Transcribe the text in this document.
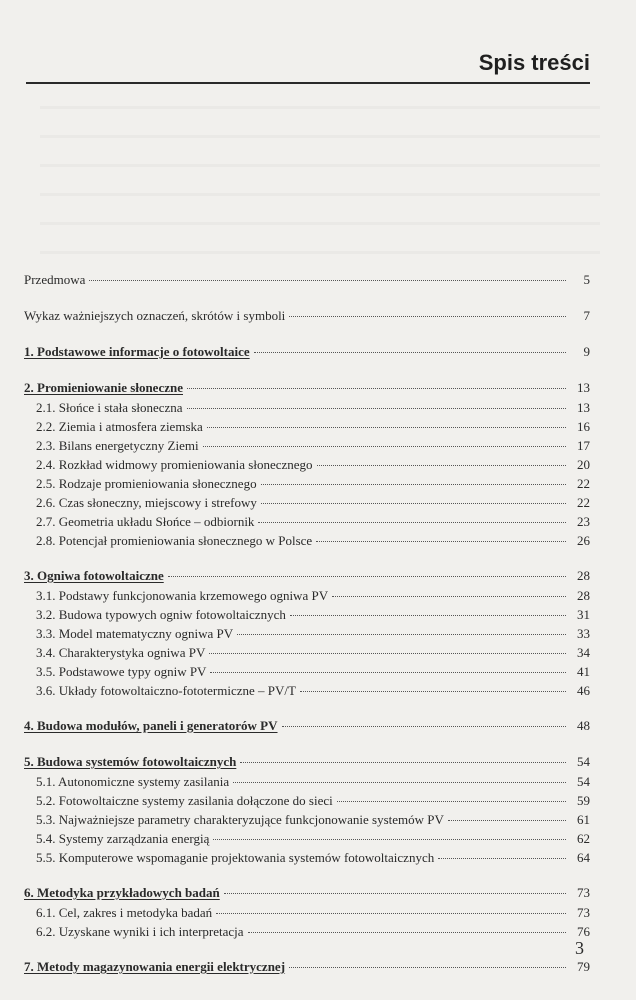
Spis treści
Przedmowa	5
Wykaz ważniejszych oznaczeń, skrótów i symboli	7
1. Podstawowe informacje o fotowoltaice	9
2. Promieniowanie słoneczne	13
2.1. Słońce i stała słoneczna	13
2.2. Ziemia i atmosfera ziemska	16
2.3. Bilans energetyczny Ziemi	17
2.4. Rozkład widmowy promieniowania słonecznego	20
2.5. Rodzaje promieniowania słonecznego	22
2.6. Czas słoneczny, miejscowy i strefowy	22
2.7. Geometria układu Słońce – odbiornik	23
2.8. Potencjał promieniowania słonecznego w Polsce	26
3. Ogniwa fotowoltaiczne	28
3.1. Podstawy funkcjonowania krzemowego ogniwa PV	28
3.2. Budowa typowych ogniw fotowoltaicznych	31
3.3. Model matematyczny ogniwa PV	33
3.4. Charakterystyka ogniwa PV	34
3.5. Podstawowe typy ogniw PV	41
3.6. Układy fotowoltaiczno-fototermiczne – PV/T	46
4. Budowa modułów, paneli i generatorów PV	48
5. Budowa systemów fotowoltaicznych	54
5.1. Autonomiczne systemy zasilania	54
5.2. Fotowoltaiczne systemy zasilania dołączone do sieci	59
5.3. Najważniejsze parametry charakteryzujące funkcjonowanie systemów PV	61
5.4. Systemy zarządzania energią	62
5.5. Komputerowe wspomaganie projektowania systemów fotowoltaicznych	64
6. Metodyka przykładowych badań	73
6.1. Cel, zakres i metodyka badań	73
6.2. Uzyskane wyniki i ich interpretacja	76
7. Metody magazynowania energii elektrycznej	79
3
